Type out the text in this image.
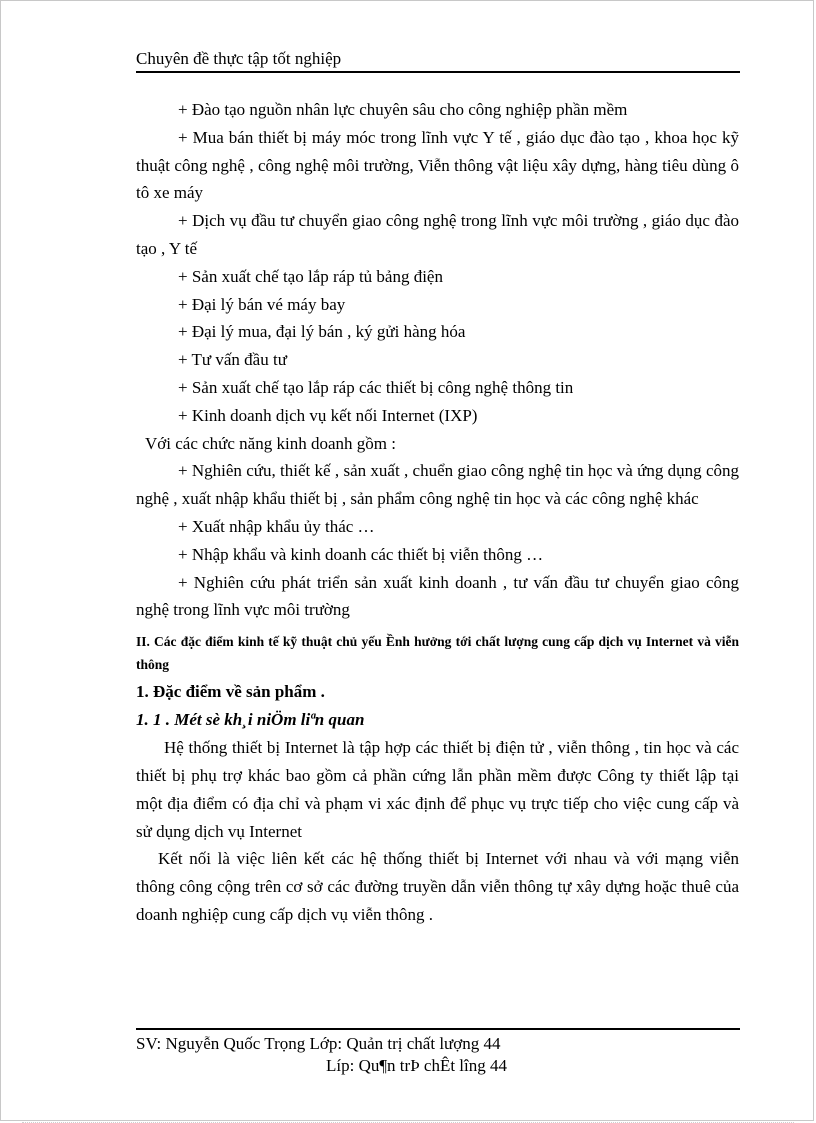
Chuyên đề thực tập tốt nghiệp

+ Đào tạo nguồn nhân lực chuyên sâu cho công nghiệp phần mềm

+ Mua bán thiết bị máy móc trong lĩnh vực Y tế , giáo dục đào tạo , khoa học kỹ thuật công nghệ , công nghệ môi trường, Viễn thông vật liệu xây dựng, hàng tiêu dùng ô tô xe máy

+ Dịch vụ đầu tư chuyển giao công nghệ trong lĩnh vực môi trường , giáo dục đào tạo , Y tế

+ Sản xuất chế tạo lắp ráp tủ bảng điện

+ Đại lý bán vé máy bay

+ Đại lý mua, đại lý bán , ký gửi hàng hóa

+ Tư vấn đầu tư

+ Sản xuất chế tạo lắp ráp các thiết bị công nghệ thông tin

+ Kinh doanh dịch vụ kết nối Internet (IXP)

Với các chức năng kinh doanh gồm :

+ Nghiên cứu, thiết kế , sản xuất , chuển giao công nghệ tin học và ứng dụng công nghệ , xuất nhập khẩu thiết bị , sản phẩm công nghệ tin học và các công nghệ khác

+ Xuất nhập khẩu ủy thác …

+ Nhập khẩu và kinh doanh các thiết bị viễn thông …

+ Nghiên cứu phát triển sản xuất kinh doanh , tư vấn đầu tư chuyển giao công nghệ trong lĩnh vực môi trường

II. Các đặc điểm kinh tế kỹ thuật chủ yếu Ềnh hưởng tới chất lượng cung cấp dịch vụ Internet và viễn thông

1. Đặc điểm về sản phẩm .

1. 1 . Mét sè kh¸i niÖm liªn quan

Hệ thống thiết bị Internet là tập hợp các thiết bị điện tử , viễn thông , tin học và các thiết bị phụ trợ khác bao gồm cả phần cứng lẫn phần mềm được Công ty thiết lập tại một địa điểm có địa chỉ và phạm vi xác định để phục vụ trực tiếp cho việc cung cấp và sử dụng dịch vụ Internet

Kết nối là việc liên kết các hệ thống thiết bị Internet với nhau và với mạng viễn thông công cộng trên cơ sở các đường truyền dẫn viễn thông tự xây dựng hoặc thuê của doanh nghiệp cung cấp dịch vụ viễn thông .

SV: Nguyễn Quốc Trọng Lớp: Quản trị chất lượng 44
Líp: Qu¶n trÞ chÊt lîng 44
